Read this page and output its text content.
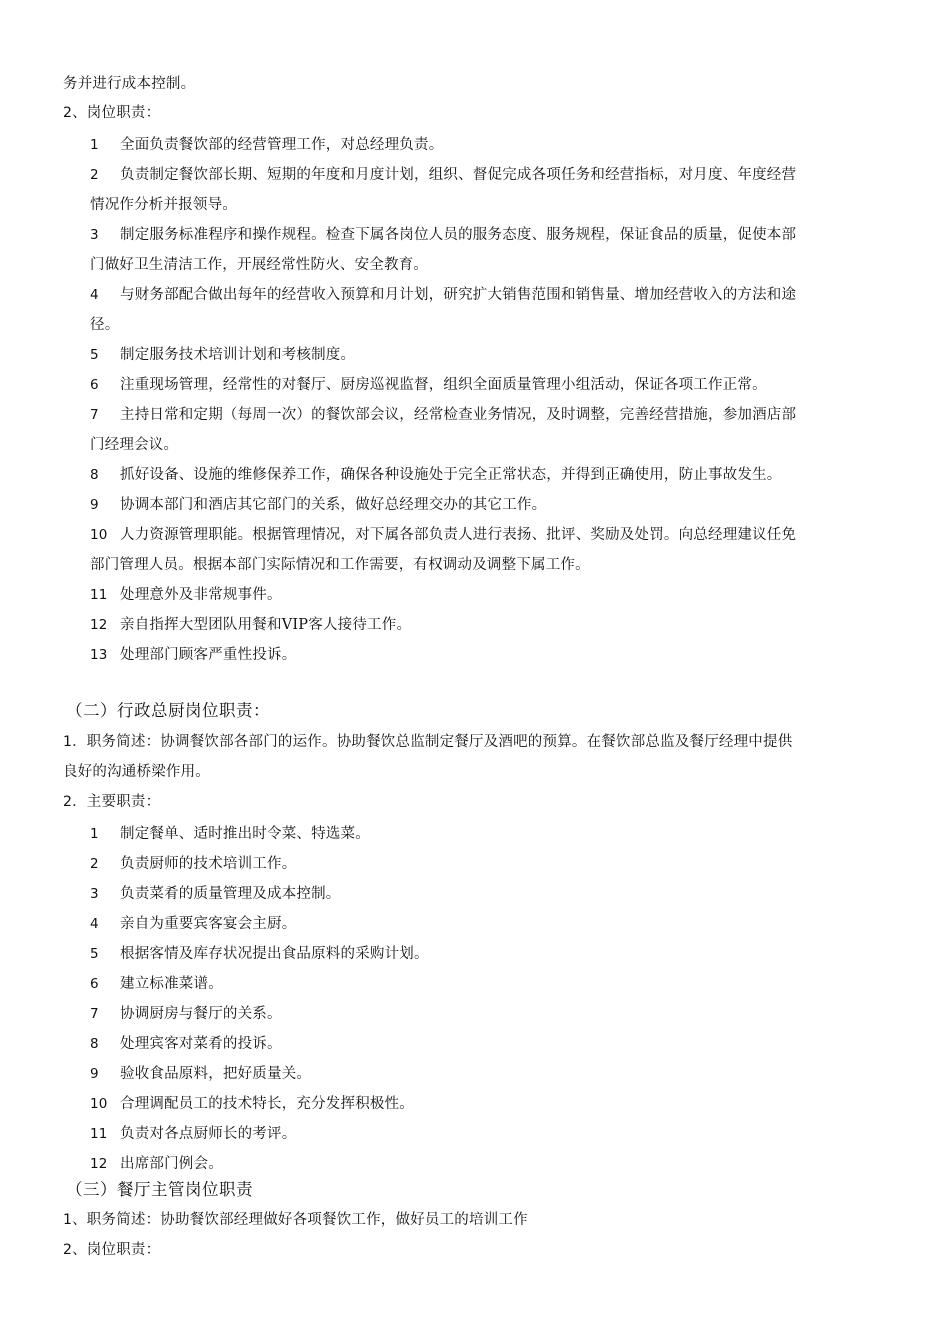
务并进行成本控制。
2、岗位职责：
1 全面负责餐饮部的经营管理工作，对总经理负责。
2 负责制定餐饮部长期、短期的年度和月度计划，组织、督促完成各项任务和经营指标，对月度、年度经营
情况作分析并报领导。
3 制定服务标准程序和操作规程。检查下属各岗位人员的服务态度、服务规程，保证食品的质量，促使本部
门做好卫生清洁工作，开展经常性防火、安全教育。
4 与财务部配合做出每年的经营收入预算和月计划，研究扩大销售范围和销售量、增加经营收入的方法和途
径。
5 制定服务技术培训计划和考核制度。
6 注重现场管理，经常性的对餐厅、厨房巡视监督，组织全面质量管理小组活动，保证各项工作正常。
7 主持日常和定期（每周一次）的餐饮部会议，经常检查业务情况，及时调整，完善经营措施，参加酒店部
门经理会议。
8 抓好设备、设施的维修保养工作，确保各种设施处于完全正常状态，并得到正确使用，防止事故发生。
9 协调本部门和酒店其它部门的关系，做好总经理交办的其它工作。
10 人力资源管理职能。根据管理情况，对下属各部负责人进行表扬、批评、奖励及处罚。向总经理建议任免
部门管理人员。根据本部门实际情况和工作需要，有权调动及调整下属工作。
11 处理意外及非常规事件。
12 亲自指挥大型团队用餐和VIP客人接待工作。
13 处理部门顾客严重性投诉。
（二）行政总厨岗位职责：
1．职务简述：协调餐饮部各部门的运作。协助餐饮总监制定餐厅及酒吧的预算。在餐饮部总监及餐厅经理中提供
良好的沟通桥梁作用。
2．主要职责：
1 制定餐单、适时推出时令菜、特选菜。
2 负责厨师的技术培训工作。
3 负责菜肴的质量管理及成本控制。
4 亲自为重要宾客宴会主厨。
5 根据客情及库存状况提出食品原料的采购计划。
6 建立标准菜谱。
7 协调厨房与餐厅的关系。
8 处理宾客对菜肴的投诉。
9 验收食品原料，把好质量关。
10 合理调配员工的技术特长，充分发挥积极性。
11 负责对各点厨师长的考评。
12 出席部门例会。
（三）餐厅主管岗位职责
1、职务简述：协助餐饮部经理做好各项餐饮工作，做好员工的培训工作
2、岗位职责：
